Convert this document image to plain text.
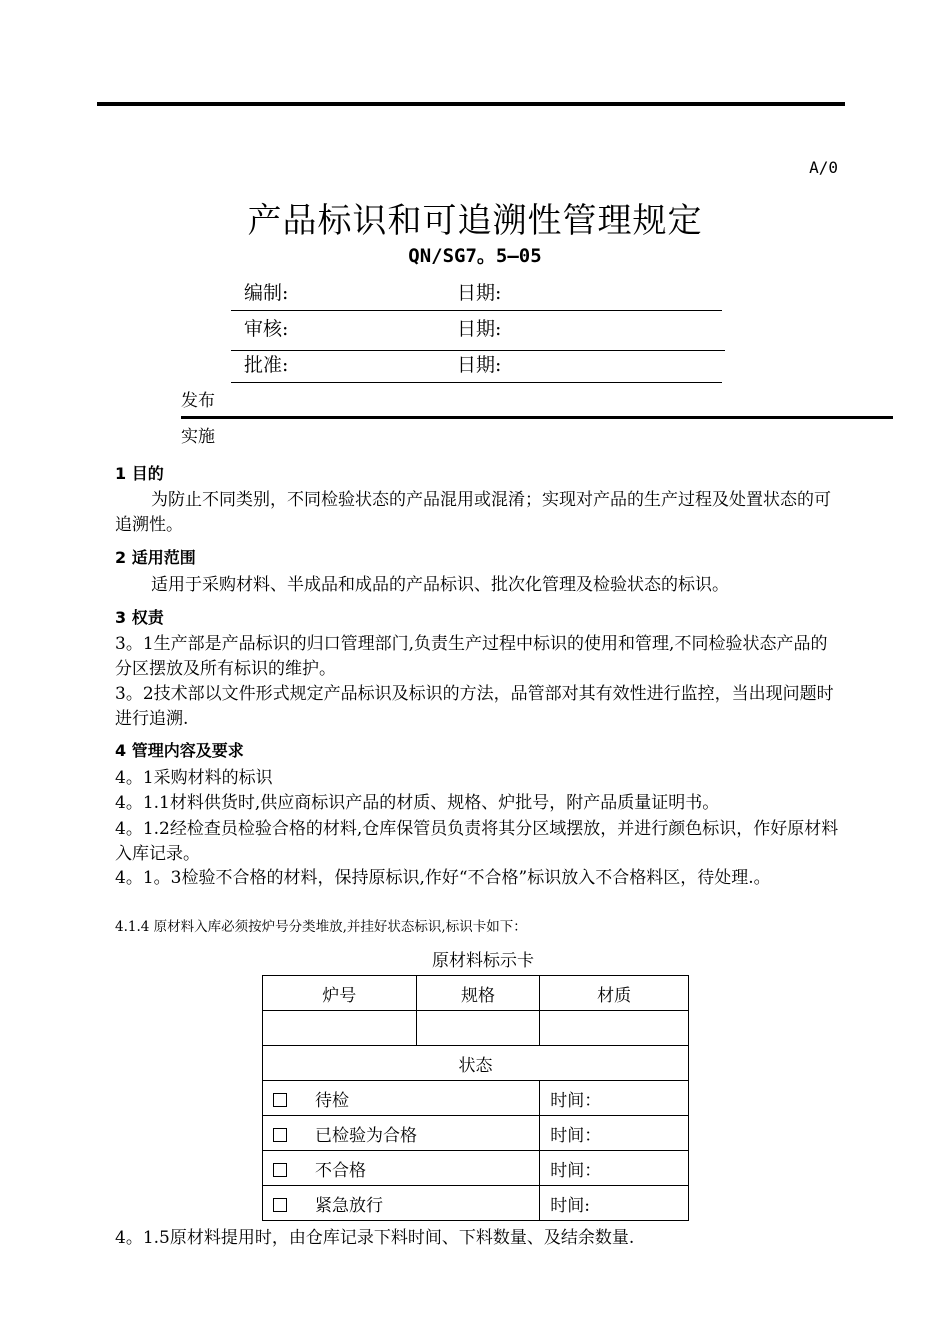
A/0
产品标识和可追溯性管理规定
QN/SG7。5—05
编制:	日期:
审核:	日期:
批准:	日期:
发布
实施
1 目的
为防止不同类别，不同检验状态的产品混用或混淆；实现对产品的生产过程及处置状态的可追溯性。
2 适用范围
适用于采购材料、半成品和成品的产品标识、批次化管理及检验状态的标识。
3 权责
3。1生产部是产品标识的归口管理部门,负责生产过程中标识的使用和管理,不同检验状态产品的分区摆放及所有标识的维护。
3。2技术部以文件形式规定产品标识及标识的方法，品管部对其有效性进行监控，当出现问题时进行追溯.
4 管理内容及要求
4。1采购材料的标识
4。1.1材料供货时,供应商标识产品的材质、规格、炉批号，附产品质量证明书。
4。1.2经检查员检验合格的材料,仓库保管员负责将其分区域摆放，并进行颜色标识，作好原材料入库记录。
4。1。3检验不合格的材料，保持原标识,作好“不合格”标识放入不合格料区，待处理.。
4.1.4 原材料入库必须按炉号分类堆放,并挂好状态标识,标识卡如下：
原材料标示卡
炉号	规格	材质

状态		
待检		时间：
已检验为合格		时间：
不合格		时间：
紧急放行		时间:
4。1.5原材料提用时，由仓库记录下料时间、下料数量、及结余数量.
